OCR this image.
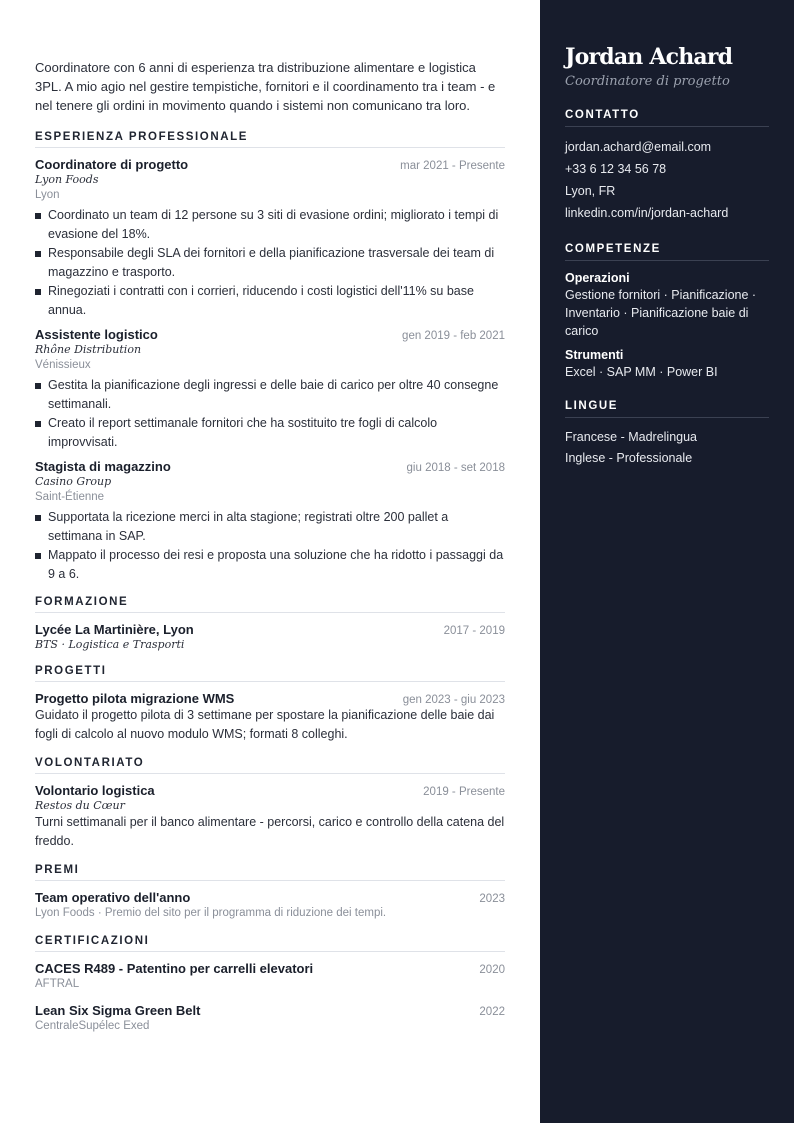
Coordinatore con 6 anni di esperienza tra distribuzione alimentare e logistica 3PL. A mio agio nel gestire tempistiche, fornitori e il coordinamento tra i team - e nel tenere gli ordini in movimento quando i sistemi non comunicano tra loro.

ESPERIENZA PROFESSIONALE
Coordinatore di progetto	mar 2021 - Presente
Lyon Foods
Lyon
Coordinato un team di 12 persone su 3 siti di evasione ordini; migliorato i tempi di evasione del 18%.
Responsabile degli SLA dei fornitori e della pianificazione trasversale dei team di magazzino e trasporto.
Rinegoziati i contratti con i corrieri, riducendo i costi logistici dell'11% su base annua.
Assistente logistico	gen 2019 - feb 2021
Rhône Distribution
Vénissieux
Gestita la pianificazione degli ingressi e delle baie di carico per oltre 40 consegne settimanali.
Creato il report settimanale fornitori che ha sostituito tre fogli di calcolo improvvisati.
Stagista di magazzino	giu 2018 - set 2018
Casino Group
Saint-Étienne
Supportata la ricezione merci in alta stagione; registrati oltre 200 pallet a settimana in SAP.
Mappato il processo dei resi e proposta una soluzione che ha ridotto i passaggi da 9 a 6.
FORMAZIONE
Lycée La Martinière, Lyon	2017 - 2019
BTS · Logistica e Trasporti
PROGETTI
Progetto pilota migrazione WMS	gen 2023 - giu 2023
Guidato il progetto pilota di 3 settimane per spostare la pianificazione delle baie dai fogli di calcolo al nuovo modulo WMS; formati 8 colleghi.
VOLONTARIATO
Volontario logistica	2019 - Presente
Restos du Cœur
Turni settimanali per il banco alimentare - percorsi, carico e controllo della catena del freddo.
PREMI
Team operativo dell'anno	2023
Lyon Foods · Premio del sito per il programma di riduzione dei tempi.
CERTIFICAZIONI
CACES R489 - Patentino per carrelli elevatori	2020
AFTRAL
Lean Six Sigma Green Belt	2022
CentraleSupélec Exed
Jordan Achard
Coordinatore di progetto
CONTATTO
jordan.achard@email.com
+33 6 12 34 56 78
Lyon, FR
linkedin.com/in/jordan-achard
COMPETENZE
Operazioni
Gestione fornitori · Pianificazione · Inventario · Pianificazione baie di carico
Strumenti
Excel · SAP MM · Power BI
LINGUE
Francese - Madrelingua
Inglese - Professionale
